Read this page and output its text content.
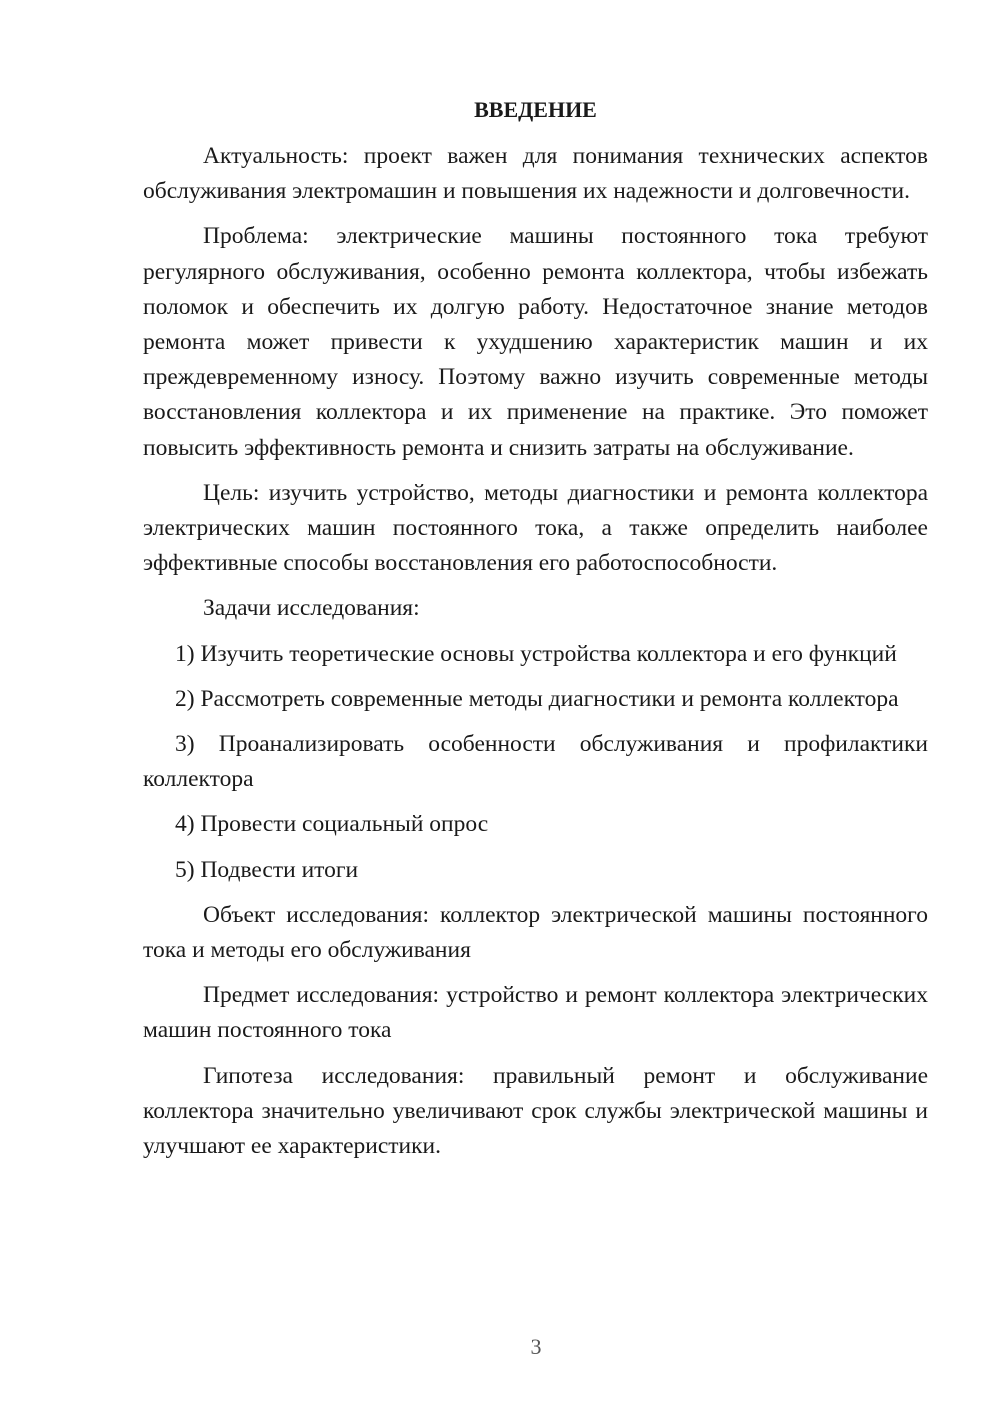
ВВЕДЕНИЕ

Актуальность: проект важен для понимания технических аспектов обслуживания электромашин и повышения их надежности и долговечности.

Проблема: электрические машины постоянного тока требуют регулярного обслуживания, особенно ремонта коллектора, чтобы избежать поломок и обеспечить их долгую работу. Недостаточное знание методов ремонта может привести к ухудшению характеристик машин и их преждевременному износу. Поэтому важно изучить современные методы восстановления коллектора и их применение на практике. Это поможет повысить эффективность ремонта и снизить затраты на обслуживание.

Цель: изучить устройство, методы диагностики и ремонта коллектора электрических машин постоянного тока, а также определить наиболее эффективные способы восстановления его работоспособности.

Задачи исследования:

1) Изучить теоретические основы устройства коллектора и его функций

2) Рассмотреть современные методы диагностики и ремонта коллектора

3) Проанализировать особенности обслуживания и профилактики коллектора

4) Провести социальный опрос

5) Подвести итоги

Объект исследования: коллектор электрической машины постоянного тока и методы его обслуживания

Предмет исследования: устройство и ремонт коллектора электрических машин постоянного тока

Гипотеза исследования: правильный ремонт и обслуживание коллектора значительно увеличивают срок службы электрической машины и улучшают ее характеристики.

3
